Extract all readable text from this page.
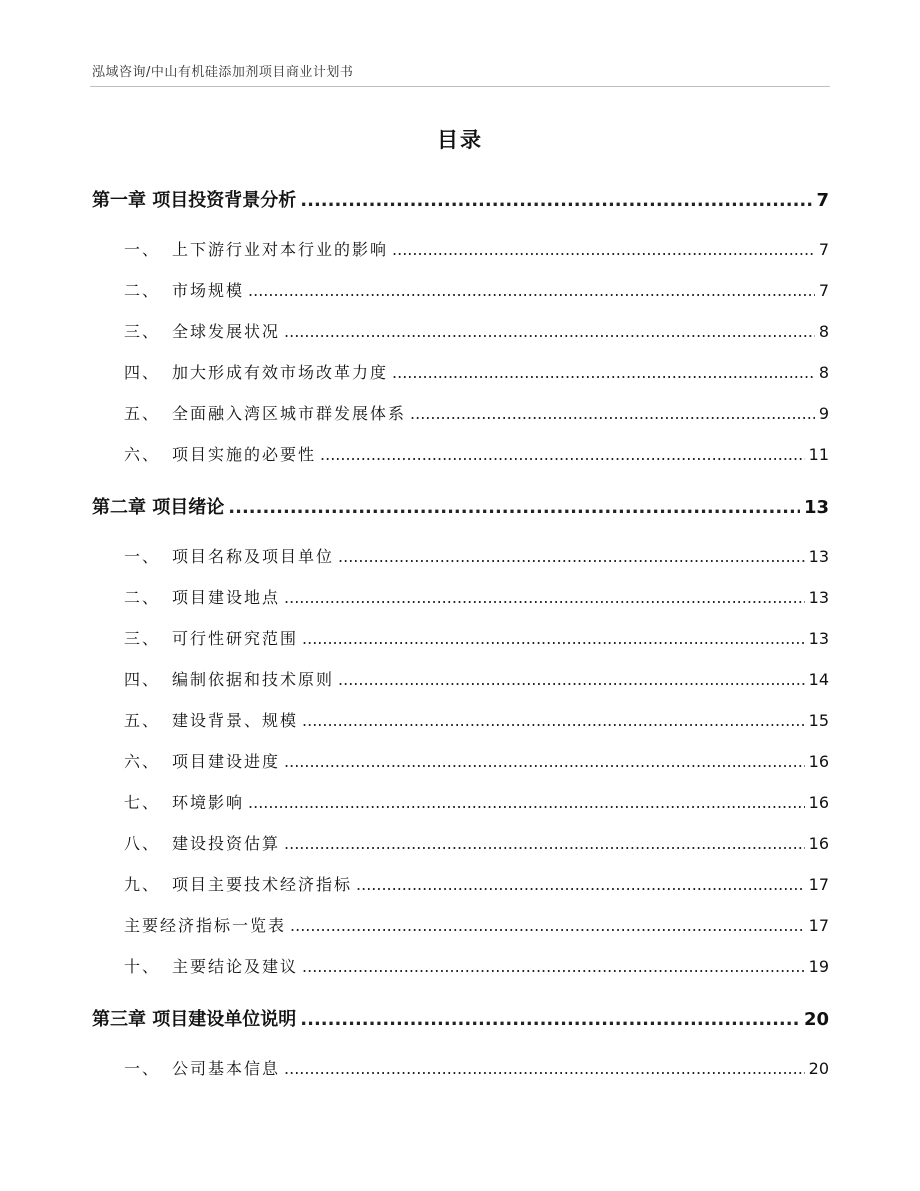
泓域咨询/中山有机硅添加剂项目商业计划书
目录
第一章 项目投资背景分析 .....	7
一、 上下游行业对本行业的影响 .....	7
二、 市场规模 .....	7
三、 全球发展状况 .....	8
四、 加大形成有效市场改革力度 .....	8
五、 全面融入湾区城市群发展体系 .....	9
六、 项目实施的必要性 .....	11
第二章 项目绪论 .....	13
一、 项目名称及项目单位 .....	13
二、 项目建设地点 .....	13
三、 可行性研究范围 .....	13
四、 编制依据和技术原则 .....	14
五、 建设背景、规模 .....	15
六、 项目建设进度 .....	16
七、 环境影响 .....	16
八、 建设投资估算 .....	16
九、 项目主要技术经济指标 .....	17
主要经济指标一览表 .....	17
十、 主要结论及建议 .....	19
第三章 项目建设单位说明 .....	20
一、 公司基本信息 .....	20
